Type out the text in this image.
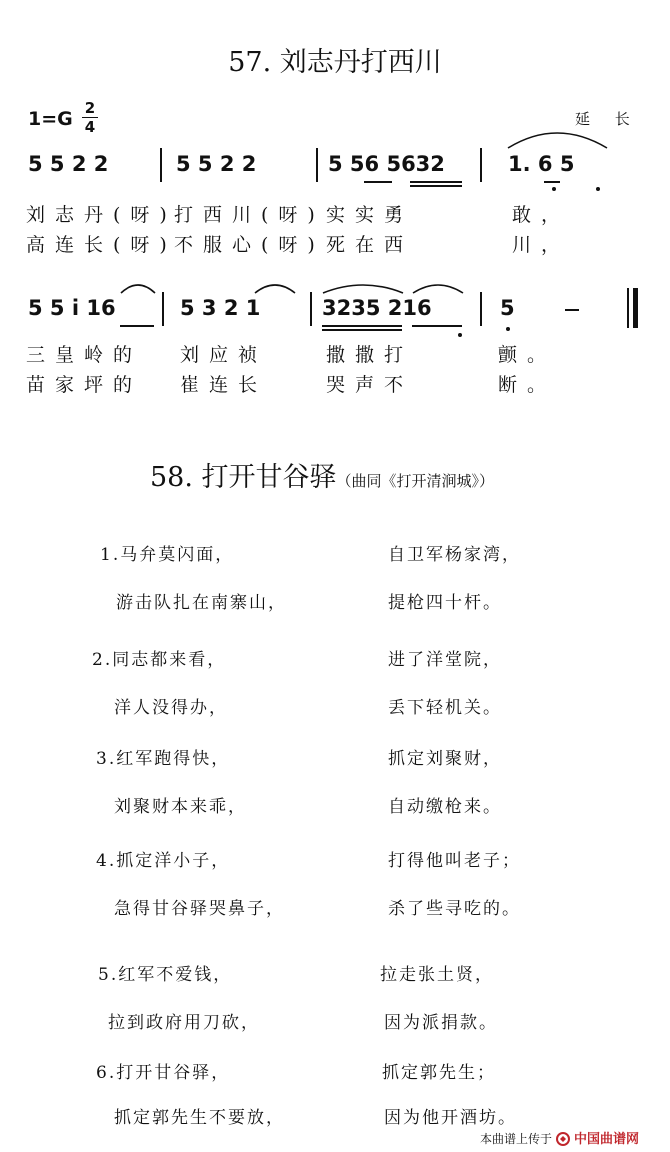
57. 刘志丹打西川
1=G 2
4	延 长
5 5 2 2	5 5 2 2	5 56 5632	1. 6 5
刘志丹(呀)
打西川(呀) 实实勇	敢，
高连长(呀)
不服心(呀) 死在西	川，
5 5 i 16	5 3 2 1	3235 216	5
三皇岭的 刘应祯	撒撒打	颤。
苗家坪的 崔连长	哭声不	断。
58. 打开甘谷驿（曲同《打开清涧城》）
1.马弁莫闪面，	自卫军杨家湾，
游击队扎在南寨山，	提枪四十杆。
2.同志都来看，	进了洋堂院，
洋人没得办，	丢下轻机关。
3.红军跑得快，	抓定刘聚财，
刘聚财本来乖，	自动缴枪来。
4.抓定洋小子，	打得他叫老子；
急得甘谷驿哭鼻子，	杀了些寻吃的。
5.红军不爱钱，	拉走张土贤，
拉到政府用刀砍，	因为派捐款。
6.打开甘谷驿，	抓定郭先生；
抓定郭先生不要放，	因为他开酒坊。
本曲谱上传于 中国曲谱网
